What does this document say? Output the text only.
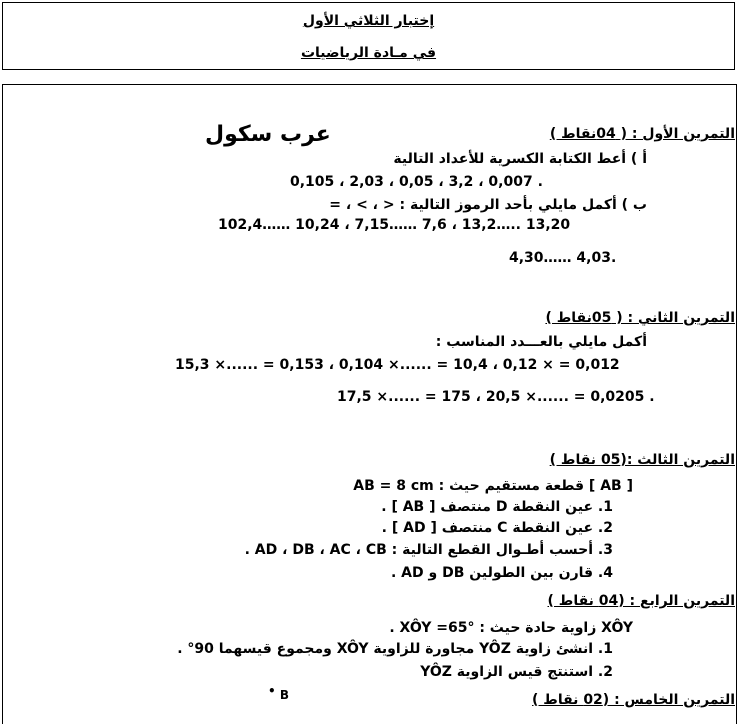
إختبار الثلاثي الأول
في مـادة الرياضيات
عرب سكول	التمرين الأول : ( 04نقاط )
أ ) أعط الكتابة الكسرية للأعداد التالية
0,105 ، 2,03 ، 0,05 ، 3,2 ، 0,007 .
ب ) أكمل مايلي بأحد الرموز التالية : < ، > ، =
102,4…… 10,24 ، 7,15…… 7,6 ، 13,2….. 13,20
4,30…… 4,03.
التمرين الثاني : ( 05نقاط )
أكمل مايلي بالعـــدد المناسب :
15,3 ×...... = 0,153 ، 0,104 ×...... = 10,4 ، 0,12 × = 0,012
17,5 ×...... = 175 ، 20,5 ×...... = 0,0205 .
التمرين الثالث :(05 نقاط )
[ AB ] قطعة مستقيم حيث : AB = 8 cm
1. عين النقطة D منتصف [ AB ] .
2. عين النقطة C منتصف [ AD ] .
3. أحسب أطـوال القطع التالية : AD ، DB ، AC ، CB .
4. قارن بين الطولين DB و AD .
التمرين الرابع : (04 نقاط )
XÔY زاوية حادة حيث : XÔY =65° .
1. انشئ زاوية YÔZ مجاورة للزاوية XÔY ومجموع قيسهما 90° .
2. استنتج قيس الزاوية YÔZ
التمرين الخامس : (02 نقاط )
• B
